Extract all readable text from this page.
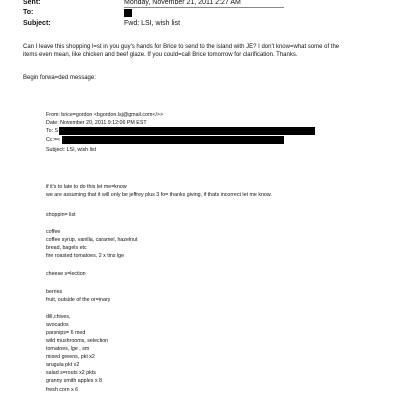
Sent:	Monday, November 21, 2011 2:27 AM
To:
Subject:	Fwd: LSI, wish list
Can I leave this shopping l=st in you guy's hands for Brice to send to the island with JE? I don't know=what some of the
items even mean, like chicken and beef glaze. If you could=call Brice tomorrow for clarification. Thanks.
Begin forwa=ded message:
From: brice=gordon <bgordon.lsj@gmail.com</>>
Date: November 20, 2011 9:12:06 PM EST
To: S
Cc:=<
Subject: LSI, wish list
if it's to late to do this let me=know
we are assuming that it will only be jeffrey plus 3 fo= thanks giving, if thats incorrect let me know.
shoppin= list
coffee
coffee syrup, vanilla, caramel, hazelnut
bread, bagels etc
fire roasted tomatoes, 2 x tins lge
cheese s=lection
berries
fruit, outside of the or=inary
dill,chives,
avocados
parsnips= 6 med
wild mushrooms, selection
tomatoes, lge , sm
mixed greens, pkt x2
arugula pkt x2
salad s=routs x2 pkts
granny smith apples x 8
fresh corn x 6
